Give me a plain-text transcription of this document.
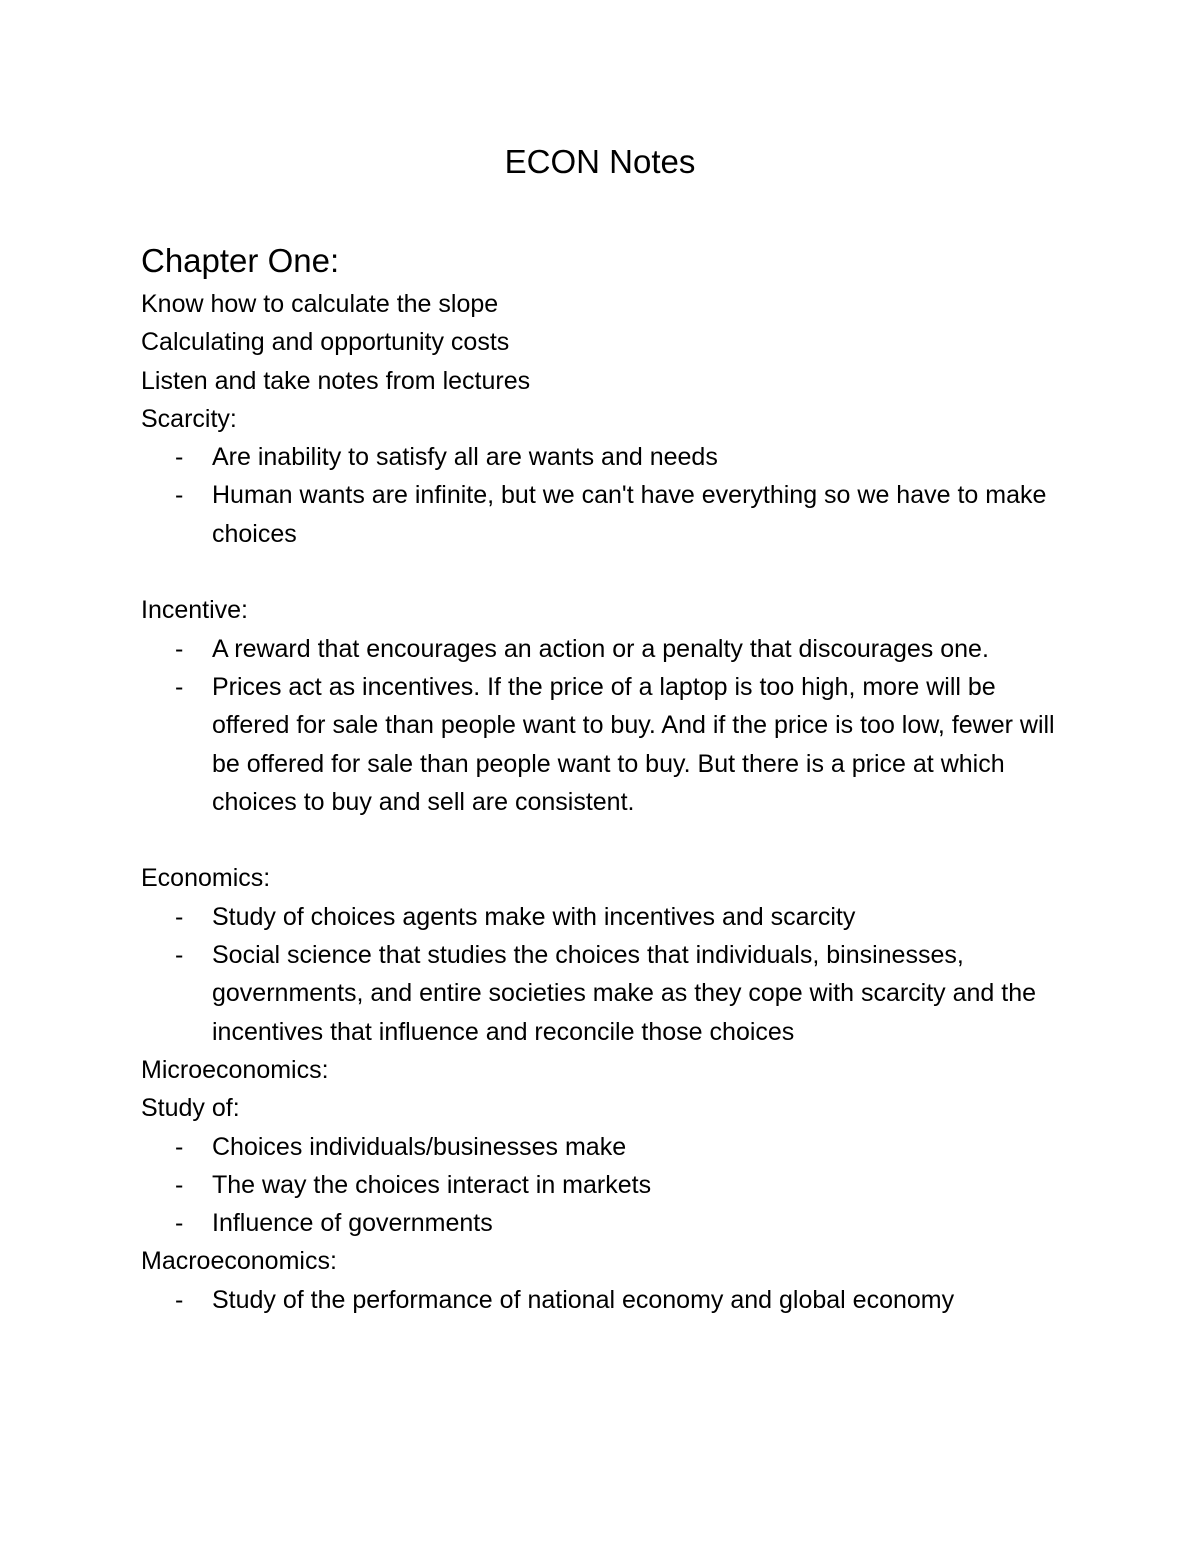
ECON Notes
Chapter One:
Know how to calculate the slope
Calculating and opportunity costs
Listen and take notes from lectures
Scarcity:
- Are inability to satisfy all are wants and needs
- Human wants are infinite, but we can't have everything so we have to make choices
Incentive:
- A reward that encourages an action or a penalty that discourages one.
- Prices act as incentives. If the price of a laptop is too high, more will be offered for sale than people want to buy. And if the price is too low, fewer will be offered for sale than people want to buy. But there is a price at which choices to buy and sell are consistent.
Economics:
- Study of choices agents make with incentives and scarcity
- Social science that studies the choices that individuals, binsinesses, governments, and entire societies make as they cope with scarcity and the incentives that influence and reconcile those choices
Microeconomics:
Study of:
- Choices individuals/businesses make
- The way the choices interact in markets
- Influence of governments
Macroeconomics:
- Study of the performance of national economy and global economy
